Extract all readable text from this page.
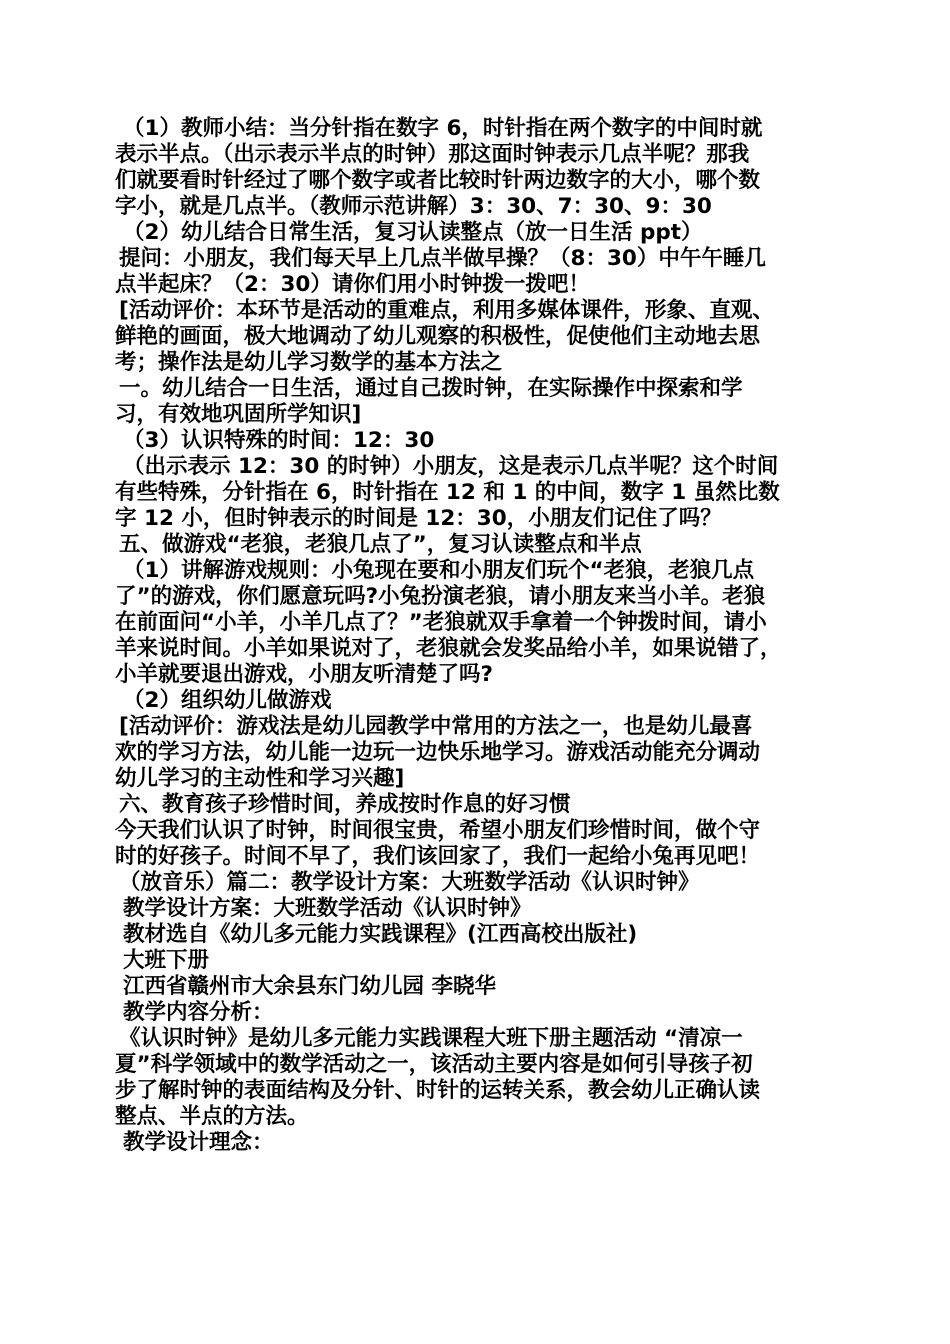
（1）教师小结：当分针指在数字 6，时针指在两个数字的中间时就

表示半点。（出示表示半点的时钟）那这面时钟表示几点半呢？那我

们就要看时针经过了哪个数字或者比较时针两边数字的大小，哪个数

字小，就是几点半。（教师示范讲解）3：30、7：30、9：30

（2）幼儿结合日常生活，复习认读整点（放一日生活 ppt）

提问：小朋友，我们每天早上几点半做早操？（8：30）中午午睡几

点半起床？（2：30）请你们用小时钟拨一拨吧！

[活动评价：本环节是活动的重难点，利用多媒体课件，形象、直观、

鲜艳的画面，极大地调动了幼儿观察的积极性，促使他们主动地去思

考；操作法是幼儿学习数学的基本方法之

一。幼儿结合一日生活，通过自己拨时钟，在实际操作中探索和学

习，有效地巩固所学知识]

（3）认识特殊的时间：12：30

（出示表示 12：30 的时钟）小朋友，这是表示几点半呢？这个时间

有些特殊，分针指在 6，时针指在 12 和 1 的中间，数字 1 虽然比数

字 12 小，但时钟表示的时间是 12：30，小朋友们记住了吗？

五、做游戏“老狼，老狼几点了”，复习认读整点和半点

（1）讲解游戏规则：小兔现在要和小朋友们玩个“老狼，老狼几点

了”的游戏，你们愿意玩吗?小兔扮演老狼，请小朋友来当小羊。老狼

在前面问“小羊，小羊几点了？”老狼就双手拿着一个钟拨时间，请小

羊来说时间。小羊如果说对了，老狼就会发奖品给小羊，如果说错了，

小羊就要退出游戏，小朋友听清楚了吗?

（2）组织幼儿做游戏

[活动评价：游戏法是幼儿园教学中常用的方法之一，也是幼儿最喜

欢的学习方法，幼儿能一边玩一边快乐地学习。游戏活动能充分调动

幼儿学习的主动性和学习兴趣]

六、教育孩子珍惜时间，养成按时作息的好习惯

今天我们认识了时钟，时间很宝贵，希望小朋友们珍惜时间，做个守

时的好孩子。时间不早了，我们该回家了，我们一起给小兔再见吧！

（放音乐）篇二：教学设计方案：大班数学活动《认识时钟》

教学设计方案：大班数学活动《认识时钟》

教材选自《幼儿多元能力实践课程》(江西高校出版社)

大班下册

江西省赣州市大余县东门幼儿园 李晓华

教学内容分析：

《认识时钟》是幼儿多元能力实践课程大班下册主题活动 “清凉一

夏”科学领域中的数学活动之一，该活动主要内容是如何引导孩子初

步了解时钟的表面结构及分针、时针的运转关系，教会幼儿正确认读

整点、半点的方法。

教学设计理念：
